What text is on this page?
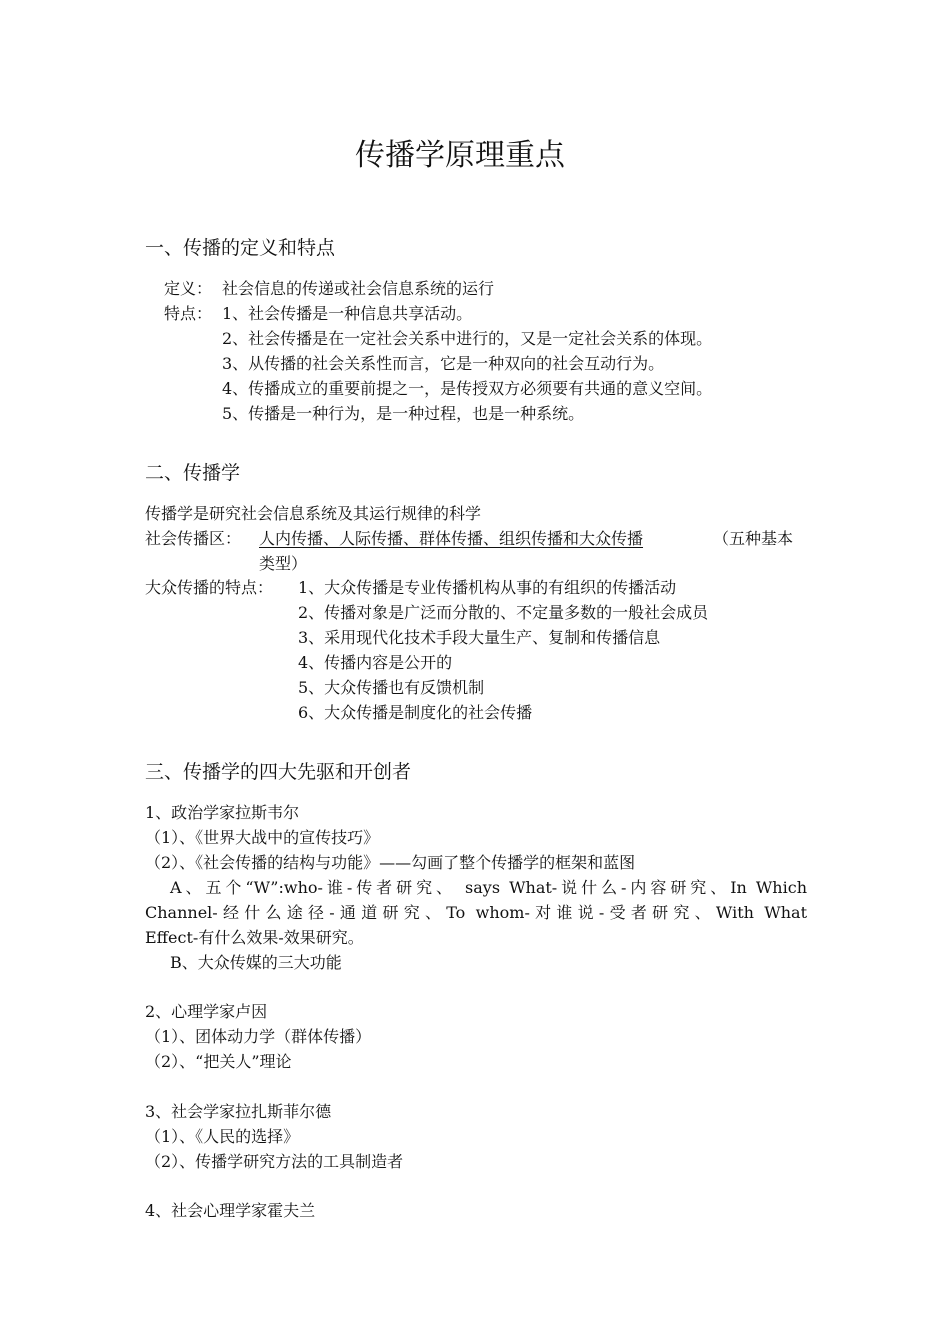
传播学原理重点
一、传播的定义和特点
定义： 社会信息的传递或社会信息系统的运行
特点： 1、社会传播是一种信息共享活动。
2、社会传播是在一定社会关系中进行的，又是一定社会关系的体现。
3、从传播的社会关系性而言，它是一种双向的社会互动行为。
4、传播成立的重要前提之一，是传授双方必须要有共通的意义空间。
5、传播是一种行为，是一种过程，也是一种系统。
二、传播学
传播学是研究社会信息系统及其运行规律的科学
社会传播区： 人内传播、人际传播、群体传播、组织传播和大众传播	（五种基本
类型）
大众传播的特点： 1、大众传播是专业传播机构从事的有组织的传播活动
2、传播对象是广泛而分散的、不定量多数的一般社会成员
3、采用现代化技术手段大量生产、复制和传播信息
4、传播内容是公开的
5、大众传播也有反馈机制
6、大众传播是制度化的社会传播
三、传播学的四大先驱和开创者
1、政治学家拉斯韦尔
（1）、《世界大战中的宣传技巧》
（2）、《社会传播的结构与功能》——勾画了整个传播学的框架和蓝图
A、五个“W”:who-谁-传者研究、 says What-说什么-内容研究、In Which
Channel-经什么途径-通道研究、To whom-对谁说-受者研究、With What
Effect-有什么效果-效果研究。
B、大众传媒的三大功能
2、心理学家卢因
（1）、团体动力学（群体传播）
（2）、“把关人”理论
3、社会学家拉扎斯菲尔德
（1）、《人民的选择》
（2）、传播学研究方法的工具制造者
4、社会心理学家霍夫兰
